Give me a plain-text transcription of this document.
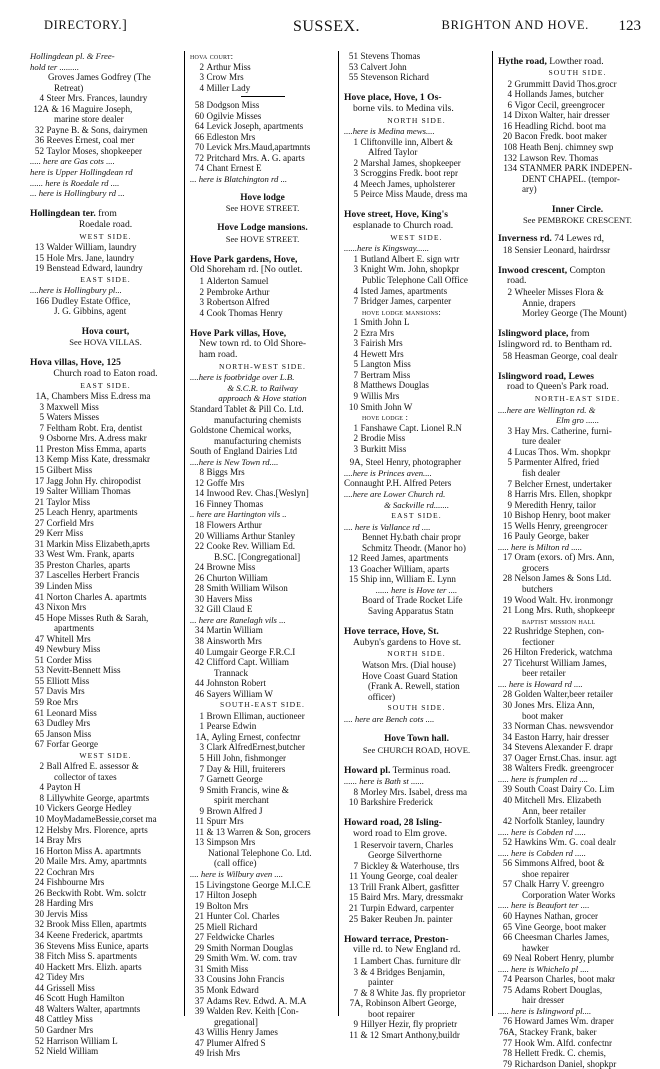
DIRECTORY.]	SUSSEX.	BRIGHTON AND HOVE. 123
Hollingdean pl. & Free-
hold ter .........
Groves James Godfrey (The
Retreat)
4 Steer Mrs. Frances, laundry
12A & 16 Maguire Joseph,
marine store dealer
32 Payne B. & Sons, dairymen
36 Reeves Ernest, coal mer
52 Taylor Moses, shopkeeper
..... here are Gas cots ....
here is Upper Hollingdean rd
...... here is Roedale rd ....
... here is Hollingbury rd ...
Hollingdean ter. from
Roedale road.
WEST SIDE.
13 Walder William, laundry
15 Hole Mrs. Jane, laundry
19 Benstead Edward, laundry
EAST SIDE.
....here is Hollingbury pl...
166 Dudley Estate Office,
J. G. Gibbins, agent
Hova court,
See HOVA VILLAS.
Hova villas, Hove, 125
Church road to Eaton road.
EAST SIDE.
1A, Chambers Miss E.dress ma
3 Maxwell Miss
5 Waters Misses
7 Feltham Robt. Era, dentist
9 Osborne Mrs. A.dress makr
11 Preston Miss Emma, aparts
13 Kemp Miss Kate, dressmakr
15 Gilbert Miss
17 Jagg John Hy. chiropodist
19 Salter William Thomas
21 Taylor Miss
25 Leach Henry, apartments
27 Corfield Mrs
29 Kerr Miss
31 Markin Miss Elizabeth,aprts
33 West Wm. Frank, aparts
35 Preston Charles, aparts
37 Lascelles Herbert Francis
39 Linden Miss
41 Norton Charles A. apartmts
43 Nixon Mrs
45 Hope Misses Ruth & Sarah,
apartments
47 Whitell Mrs
49 Newbury Miss
51 Corder Miss
53 Nevitt-Bennett Miss
55 Elliott Miss
57 Davis Mrs
59 Roe Mrs
61 Leonard Miss
63 Dudley Mrs
65 Janson Miss
67 Forfar George
WEST SIDE.
2 Ball Alfred E. assessor &
collector of taxes
4 Payton H
8 Lillywhite George, apartmts
10 Vickers George Hedley
10 MoyMadameBessie,corset ma
12 Helsby Mrs. Florence, aprts
14 Bray Mrs
16 Horton Miss A. apartmnts
20 Maile Mrs. Amy, apartmnts
22 Cochran Mrs
24 Fishbourne Mrs
26 Beckwith Robt. Wm. solctr
28 Harding Mrs
30 Jervis Miss
32 Brook Miss Ellen, apartmts
34 Keene Frederick, apartmts
36 Stevens Miss Eunice, aparts
38 Fitch Miss S. apartments
40 Hackett Mrs. Elizh. aparts
42 Tidey Mrs
44 Grissell Miss
46 Scott Hugh Hamilton
48 Walters Walter, apartmnts
48 Cattley Miss
50 Gardner Mrs
52 Harrison William L
52 Nield William
hova court:
2 Arthur Miss
3 Crow Mrs
4 Miller Lady
58 Dodgson Miss
60 Ogilvie Misses
64 Levick Joseph, apartments
66 Edleston Mrs
70 Levick Mrs.Maud,apartmnts
72 Pritchard Mrs. A. G. aparts
74 Chant Ernest E
... here is Blatchington rd ...
Hove lodge
See HOVE STREET.
Hove Lodge mansions.
See HOVE STREET.
Hove Park gardens, Hove,
Old Shoreham rd. [No outlet.
1 Alderton Samuel
2 Pembroke Arthur
3 Robertson Alfred
4 Cook Thomas Henry
Hove Park villas, Hove,
New town rd. to Old Shore-
ham road.
NORTH-WEST SIDE.
....here is footbridge over L.B.
& S.C.R. to Railway
approach & Hove station
Standard Tablet & Pill Co. Ltd.
manufacturing chemists
Goldstone Chemical works,
manufacturing chemists
South of England Dairies Ltd
....here is New Town rd....
8 Biggs Mrs
12 Goffe Mrs
14 Inwood Rev. Chas.[Weslyn]
16 Finney Thomas
.. here are Hartington vils ..
18 Flowers Arthur
20 Williams Arthur Stanley
22 Cooke Rev. William Ed.
B.SC. [Congregational]
24 Browne Miss
26 Churton William
28 Smith William Wilson
30 Havers Miss
32 Gill Claud E
... here are Ranelagh vils ...
34 Martin William
38 Ainsworth Mrs
40 Lumgair George F.R.C.I
42 Clifford Capt. William
Trannack
44 Johnston Robert
46 Sayers William W
SOUTH-EAST SIDE.
1 Brown Elliman, auctioneer
1 Pearse Edwin
1A, Ayling Ernest, confectnr
3 Clark AlfredErnest,butcher
5 Hill John, fishmonger
7 Day & Hill, fruiterers
7 Garnett George
9 Smith Francis, wine &
spirit merchant
9 Brown Alfred J
11 Spurr Mrs
11 & 13 Warren & Son, grocers
13 Simpson Mrs
National Telephone Co. Ltd.
(call office)
.... here is Wilbury aven ....
15 Livingstone George M.I.C.E
17 Hilton Joseph
19 Bolton Mrs
21 Hunter Col. Charles
25 Miell Richard
27 Feldwicke Charles
29 Smith Norman Douglas
29 Smith Wm. W. com. trav
31 Smith Miss
33 Cousins John Francis
35 Monk Edward
37 Adams Rev. Edwd. A. M.A
39 Walden Rev. Keith [Con-
gregational]
43 Willis Henry James
47 Plumer Alfred S
49 Irish Mrs
51 Stevens Thomas
53 Calvert John
55 Stevenson Richard
Hove place, Hove, 1 Os-
borne vils. to Medina vils.
NORTH SIDE.
....here is Medina mews....
1 Cliftonville inn, Albert &
Alfred Taylor
2 Marshal James, shopkeeper
3 Scroggins Fredk. boot repr
4 Meech James, upholsterer
5 Peirce Miss Maude, dress ma
Hove street, Hove, King's
esplanade to Church road.
WEST SIDE.
......here is Kingsway......
1 Butland Albert E. sign wrtr
3 Knight Wm. John, shopkpr
Public Telephone Call Office
4 Isted James, apartments
7 Bridger James, carpenter
hove lodge mansions:
1 Smith John L
2 Ezra Mrs
3 Fairish Mrs
4 Hewett Mrs
5 Langton Miss
7 Bertram Miss
8 Matthews Douglas
9 Willis Mrs
10 Smith John W
hove lodge :
1 Fanshawe Capt. Lionel R.N
2 Brodie Miss
3 Burkitt Miss
9A, Steel Henry, photographer
....here is Princes aven....
Connaught P.H. Alfred Peters
....here are Lower Church rd.
& Sackville rd.......
EAST SIDE.
.... here is Vallance rd ....
Bennet Hy.bath chair propr
Schmitz Theodr. (Manor ho)
12 Reed James, apartments
13 Goacher William, aparts
15 Ship inn, William E. Lynn
...... here is Hove ter ....
Board of Trade Rocket Life
Saving Apparatus Statn
Hove terrace, Hove, St.
Aubyn's gardens to Hove st.
NORTH SIDE.
Watson Mrs. (Dial house)
Hove Coast Guard Station
(Frank A. Rewell, station
officer)
SOUTH SIDE.
.... here are Bench cots ....
Hove Town hall.
See CHURCH ROAD, HOVE.
Howard pl. Terminus road.
...... here is Bath st ......
8 Morley Mrs. Isabel, dress ma
10 Barkshire Frederick
Howard road, 28 Isling-
word road to Elm grove.
1 Reservoir tavern, Charles
George Silverthorne
7 Bickley & Waterhouse, tlrs
11 Young George, coal dealer
13 Trill Frank Albert, gasfitter
15 Baird Mrs. Mary, dressmakr
21 Turpin Edward, carpenter
25 Baker Reuben Jn. painter
Howard terrace, Preston-
ville rd. to New England rd.
1 Lambert Chas. furniture dlr
3 & 4 Bridges Benjamin,
painter
7 & 8 White Jas. fly proprietor
7A, Robinson Albert George,
boot repairer
9 Hillyer Hezir, fly proprietr
11 & 12 Smart Anthony,buildr
Hythe road, Lowther road.
SOUTH SIDE.
2 Grummitt David Thos.grocr
4 Hollands James, butcher
6 Vigor Cecil, greengrocer
14 Dixon Walter, hair dresser
16 Headling Richd. boot ma
20 Bacon Fredk. boot maker
108 Heath Benj. chimney swp
132 Lawson Rev. Thomas
134 STANMER PARK INDEPEN-
DENT CHAPEL. (tempor-
ary)
Inner Circle.
See PEMBROKE CRESCENT.
Inverness rd. 74 Lewes rd,
18 Sensier Leonard, hairdrssr
Inwood crescent, Compton
road.
2 Wheeler Misses Flora &
Annie, drapers
Morley George (The Mount)
Islingword place, from
Islingword rd. to Bentham rd.
58 Heasman George, coal dealr
Islingword road, Lewes
road to Queen's Park road.
NORTH-EAST SIDE.
....here are Wellington rd. &
Elm gro ......
3 Hay Mrs. Catherine, furni-
ture dealer
4 Lucas Thos. Wm. shopkpr
5 Parmenter Alfred, fried
fish dealer
7 Belcher Ernest, undertaker
8 Harris Mrs. Ellen, shopkpr
9 Meredith Henry, tailor
10 Bishop Henry, boot maker
15 Wells Henry, greengrocer
16 Pauly George, baker
..... here is Milton rd .....
17 Oram (exors. of) Mrs. Ann,
grocers
28 Nelson James & Sons Ltd.
butchers
19 Wood Walt. Hv. ironmongr
21 Long Mrs. Ruth, shopkeepr
baptist mission hall
22 Rushridge Stephen, con-
fectioner
26 Hilton Frederick, watchma
27 Ticehurst William James,
beer retailer
.... here is Howard rd ....
28 Golden Walter,beer retailer
30 Jones Mrs. Eliza Ann,
boot maker
33 Norman Chas. newsvendor
34 Easton Harry, hair dresser
34 Stevens Alexander F. drapr
37 Oager Ernst.Chas. insur. agt
38 Walters Fredk. greengrocer
..... here is frumplen rd ....
39 South Coast Dairy Co. Lim
40 Mitchell Mrs. Elizabeth
Ann, beer retailer
42 Norfolk Stanley, laundry
..... here is Cobden rd .....
52 Hawkins Wm. G. coal dealr
..... here is Cobden rd .....
56 Simmons Alfred, boot &
shoe repairer
57 Chalk Harry V. greengro
Corporation Water Works
..... here is Beaufort ter ....
60 Haynes Nathan, grocer
65 Vine George, boot maker
66 Cheesman Charles James,
hawker
69 Neal Robert Henry, plumbr
..... here is Whichelo pl ....
74 Pearson Charles, boot makr
75 Adams Robert Douglas,
hair dresser
..... here is Islingword pl....
76 Howard James Wm. draper
76A, Stackey Frank, baker
77 Hook Wm. Alfd. confectnr
78 Hellett Fredk. C. chemis,
79 Richardson Daniel, shopkpr
